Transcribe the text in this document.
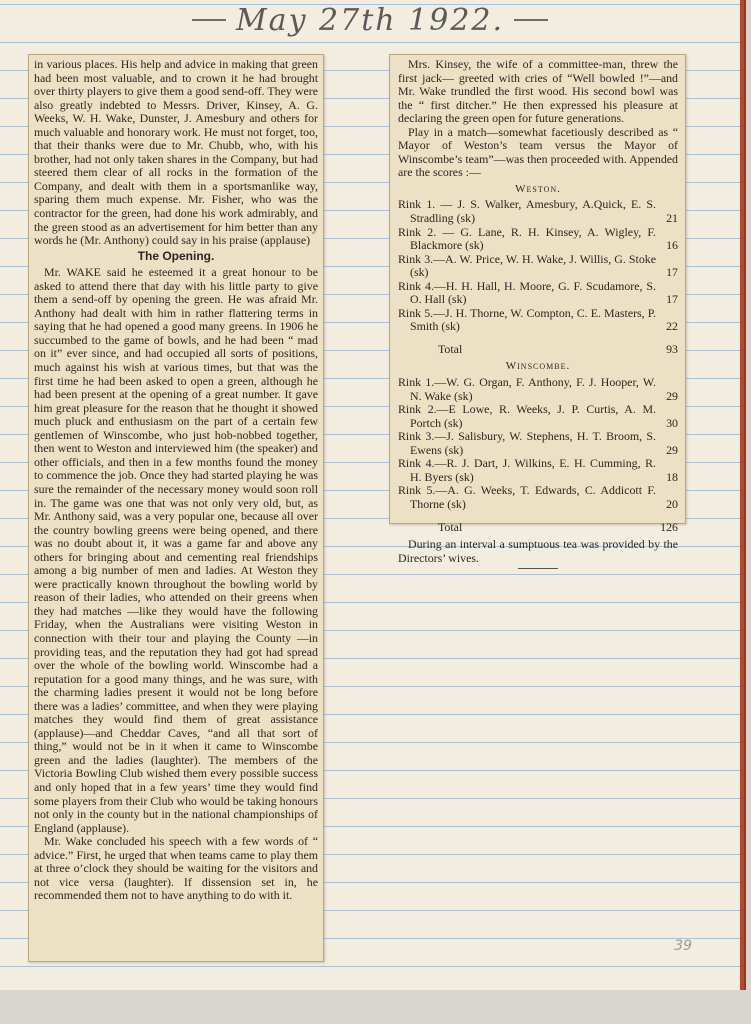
May 27th 1922.

in various places. His help and advice in making that green had been most valuable, and to crown it he had brought over thirty players to give them a good send-off. They were also greatly indebted to Messrs. Driver, Kinsey, A. G. Weeks, W. H. Wake, Dunster, J. Amesbury and others for much valuable and honorary work. He must not forget, too, that their thanks were due to Mr. Chubb, who, with his brother, had not only taken shares in the Company, but had steered them clear of all rocks in the formation of the Company, and dealt with them in a sportsmanlike way, sparing them much expense. Mr. Fisher, who was the contractor for the green, had done his work admirably, and the green stood as an advertisement for him better than any words he (Mr. Anthony) could say in his praise (applause)

The Opening.

Mr. WAKE said he esteemed it a great honour to be asked to attend there that day with his little party to give them a send-off by opening the green. He was afraid Mr. Anthony had dealt with him in rather flattering terms in saying that he had opened a good many greens. In 1906 he succumbed to the game of bowls, and he had been “ mad on it” ever since, and had occupied all sorts of positions, much against his wish at various times, but that was the first time he had been asked to open a green, although he had been present at the opening of a great number. It gave him great pleasure for the reason that he thought it showed much pluck and enthusiasm on the part of a certain few gentlemen of Winscombe, who just hob-nobbed together, then went to Weston and interviewed him (the speaker) and other officials, and then in a few months found the money to commence the job. Once they had started playing he was sure the remainder of the necessary money would soon roll in. The game was one that was not only very old, but, as Mr. Anthony said, was a very popular one, because all over the country bowling greens were being opened, and there was no doubt about it, it was a game far and above any others for bringing about and cementing real friendships among a big number of men and ladies. At Weston they were practically known throughout the bowling world by reason of their ladies, who attended on their greens when they had matches —like they would have the following Friday, when the Australians were visiting Weston in connection with their tour and playing the County —in providing teas, and the reputation they had got had spread over the whole of the bowling world. Winscombe had a reputation for a good many things, and he was sure, with the charming ladies present it would not be long before there was a ladies’ committee, and when they were playing matches they would find them of great assistance (applause)—and Cheddar Caves, “and all that sort of thing,” would not be in it when it came to Winscombe green and the ladies (laughter). The members of the Victoria Bowling Club wished them every possible success and only hoped that in a few years’ time they would find some players from their Club who would be taking honours not only in the county but in the national championships of England (applause).

Mr. Wake concluded his speech with a few words of “ advice.” First, he urged that when teams came to play them at three o’clock they should be waiting for the visitors and not vice versa (laughter). If dissension set in, he recommended them not to have anything to do with it.

Mrs. Kinsey, the wife of a committee-man, threw the first jack— greeted with cries of “Well bowled !”—and Mr. Wake trundled the first wood. His second bowl was the “ first ditcher.” He then expressed his pleasure at declaring the green open for future generations.

Play in a match—somewhat facetiously described as “ Mayor of Weston’s team versus the Mayor of Winscombe’s team”—was then proceeded with. Appended are the scores :—

Weston.
Rink 1. — J. S. Walker, Amesbury, A.Quick, E. S. Stradling (sk)	21
Rink 2. — G. Lane, R. H. Kinsey, A. Wigley, F. Blackmore (sk)	16
Rink 3.—A. W. Price, W. H. Wake, J. Willis, G. Stoke (sk)	17
Rink 4.—H. H. Hall, H. Moore, G. F. Scudamore, S. O. Hall (sk)	17
Rink 5.—J. H. Thorne, W. Compton, C. E. Masters, P. Smith (sk)	22
Total	93
Winscombe.
Rink 1.—W. G. Organ, F. Anthony, F. J. Hooper, W. N. Wake (sk)	29
Rink 2.—E Lowe, R. Weeks, J. P. Curtis, A. M. Portch (sk)	30
Rink 3.—J. Salisbury, W. Stephens, H. T. Broom, S. Ewens (sk)	29
Rink 4.—R. J. Dart, J. Wilkins, E. H. Cumming, R. H. Byers (sk)	18
Rink 5.—A. G. Weeks, T. Edwards, C. Addicott F. Thorne (sk)	20
Total	126

During an interval a sumptuous tea was provided by the Directors’ wives.

39
